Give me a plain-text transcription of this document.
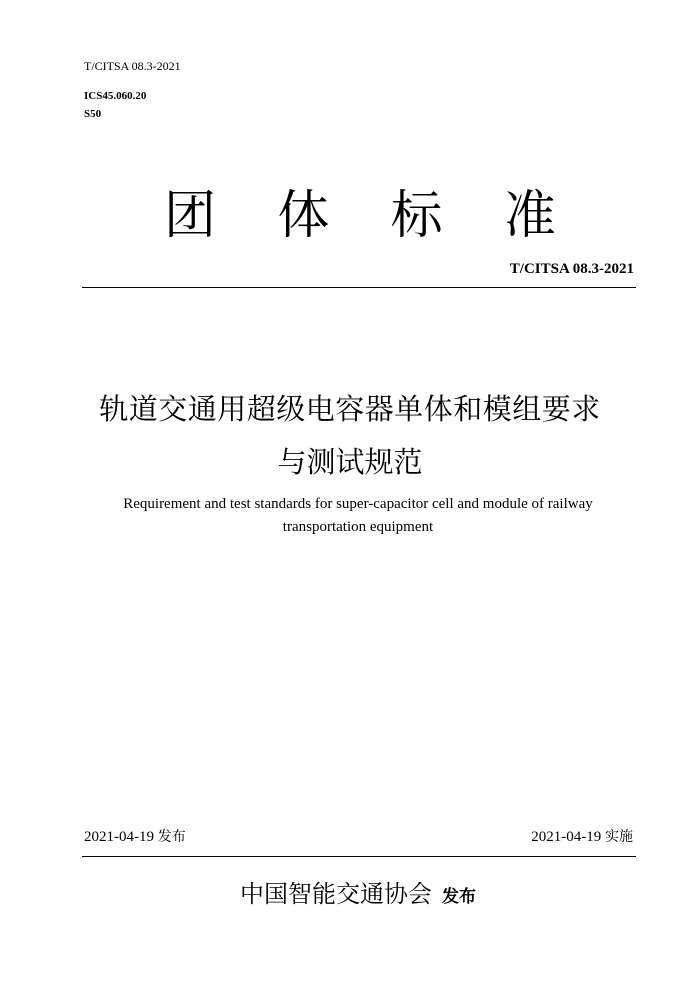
T/CITSA 08.3-2021
ICS45.060.20
S50
团 体 标 准
T/CITSA 08.3-2021
轨道交通用超级电容器单体和模组要求
与测试规范
Requirement and test standards for super-capacitor cell and module of railway
transportation equipment
2021-04-19 发布	2021-04-19 实施
中国智能交通协会 发布
